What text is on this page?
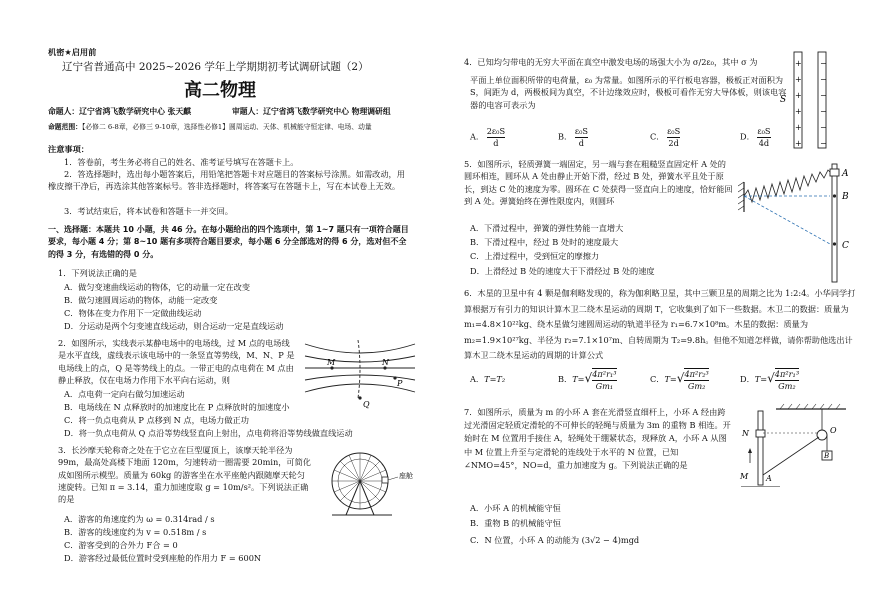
机密★启用前
辽宁省普通高中 2025~2026 学年上学期期初考试调研试题（2）
高二物理
命题人：辽宁省鸿飞数学研究中心 张天麒	审题人：辽宁省鸿飞数学研究中心 物理调研组
命题范围：【必修二 6-8章，必修三 9-10章，选择性必修1】圆周运动、天体、机械能守恒定律、电场、动量
注意事项：
1．答卷前，考生务必将自己的姓名、准考证号填写在答题卡上。
2．答选择题时，选出每小题答案后，用铅笔把答题卡对应题目的答案标号涂黑。如需改动，用橡皮擦干净后，再选涂其他答案标号。答非选择题时，将答案写在答题卡上，写在本试卷上无效。
3．考试结束后，将本试卷和答题卡一并交回。
一、选择题：本题共 10 小题，共 46 分。在每小题给出的四个选项中，第 1~7 题只有一项符合题目要求，每小题 4 分；第 8~10 题有多项符合题目要求，每小题 6 分全部选对的得 6 分，选对但不全的得 3 分，有选错的得 0 分。
1．下列说法正确的是
A．做匀变速曲线运动的物体，它的动量一定在改变
B．做匀速圆周运动的物体，动能一定改变
C．物体在变力作用下一定做曲线运动
D．分运动是两个匀变速直线运动，则合运动一定是直线运动
2．如图所示，实线表示某静电场中的电场线，过 M 点的电场线是水平直线，虚线表示该电场中的一条竖直等势线，M、N、P 是电场线上的点，Q 是等势线上的点。一带正电的点电荷在 M 点由静止释放，仅在电场力作用下水平向右运动，则
A．点电荷一定向右做匀加速运动
B．电场线在 N 点释放时的加速度比在 P 点释放时的加速度小
C．将一负点电荷从 P 点移到 N 点，电场力做正功
D．将一负点电荷从 Q 点沿等势线竖直向上射出，点电荷将沿等势线做直线运动
M	N
P
Q
3．长沙摩天轮称奇之处在于它立在巨型厦顶上，该摩天轮半径为 99m，最高处高楼下地面 120m，匀速转动一圈需要 20min，可简化成如图所示模型。质量为 60kg 的游客坐在水平座舱内跟随摩天轮匀速旋转。已知 π = 3.14，重力加速度取 g = 10m/s²。下列说法正确的是
A．游客的角速度约为 ω = 0.314rad / s
B．游客的线速度约为 v = 0.518m / s
C．游客受到的合外力 F合 = 0
D．游客经过最低位置时受到座舱的作用力 F = 600N
座舱
4．已知均匀带电的无穷大平面在真空中激发电场的场强大小为 σ/2ε₀，其中 σ 为
平面上单位面积所带的电荷量，ε₀ 为常量。如图所示的平行板电容器，极板正对面积为 S，间距为 d，两极板间为真空，不计边缘效应时，极板可看作无穷大导体板，则该电容器的电容可表示为
A． $\frac{\text{2ε₀S}}{d}$	B． $\frac{\text{ε₀S}}{d}$	C． $\frac{\text{ε₀S}}{2d}$	D． $\frac{\text{ε₀S}}{4d}$
+
+
+
+
+
+
−
−
−
−
−
−
S
5．如图所示，轻质弹簧一端固定，另一端与套在粗糙竖直固定杆 A 处的圆环相连，圆环从 A 处由静止开始下滑，经过 B 处，弹簧水平且处于原长，到达 C 处的速度为零。圆环在 C 处获得一竖直向上的速度，恰好能回到 A 处。弹簧始终在弹性限度内，则圆环
A．下滑过程中，弹簧的弹性势能一直增大
B．下滑过程中，经过 B 处时的速度最大
C．上滑过程中，受到恒定的摩擦力
D．上滑经过 B 处的速度大于下滑经过 B 处的速度
A
B
C
6．木星的卫星中有 4 颗是伽利略发现的，称为伽利略卫星，其中三颗卫星的周期之比为 1:2:4。小华同学打算根据万有引力的知识计算木卫二绕木星运动的周期 T，它收集到了如下一些数据。木卫二的数据：质量为 m₁=4.8×10²²kg、绕木星做匀速圆周运动的轨道半径为 r₁=6.7×10⁸m。木星的数据：质量为 m₂=1.9×10²⁷kg、半径为 r₂=7.1×10⁷m、自转周期为 T₂=9.8h。但他不知道怎样做，请你帮助他选出计算木卫二绕木星运动的周期的计算公式
A．T=T₂	B．$T=√ \frac{\text{4π²r₁³}}{\text{Gm₁}}$	C．$T=√ \frac{\text{4π²r₂³}}{\text{Gm₂}}$	D．$T=√ \frac{\text{4π²r₁³}}{\text{Gm₂}}$
7．如图所示，质量为 m 的小环 A 套在光滑竖直细杆上，小环 A 经由跨过光滑固定轻质定滑轮的不可伸长的轻绳与质量为 3m 的重物 B 相连。开始时在 M 位置用手接住 A，轻绳处于绷紧状态，现释放 A，小环 A 从图中 M 位置上升至与定滑轮的连线处于水平的 N 位置，已知∠NMO=45°，NO=d，重力加速度为 g。下列说法正确的是
A．小环 A 的机械能守恒
B．重物 B 的机械能守恒
C．N 位置，小环 A 的动能为 (3√2 − 4)mgd
N
M A
B
O
